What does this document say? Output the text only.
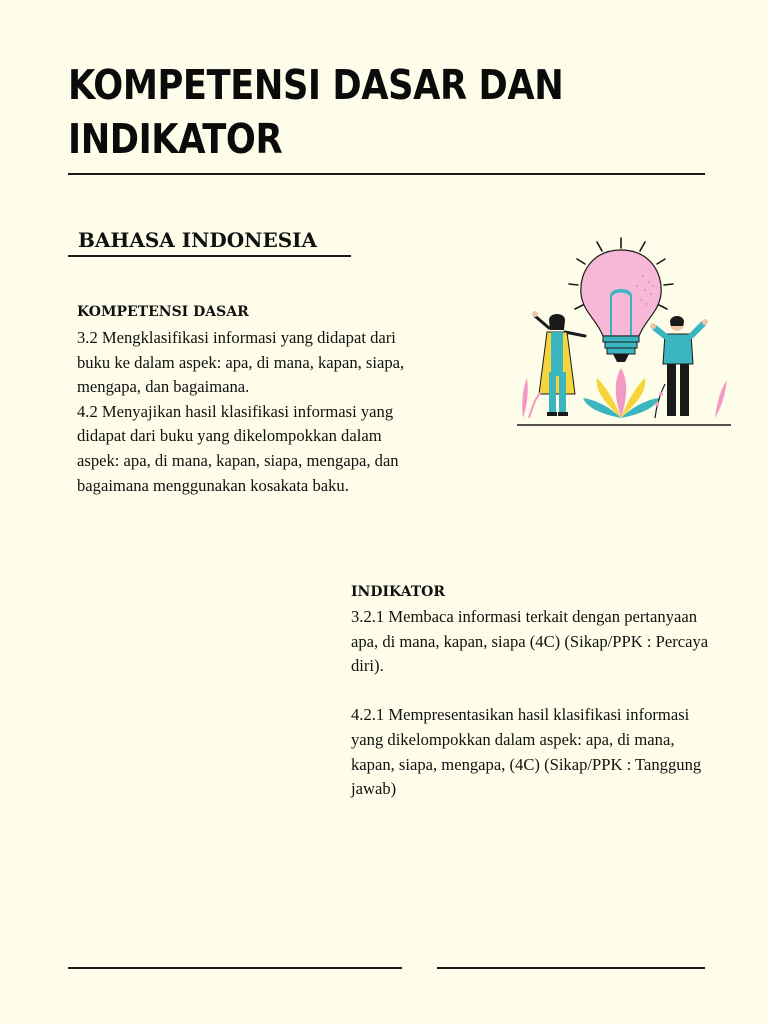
KOMPETENSI DASAR DAN INDIKATOR
BAHASA INDONESIA
KOMPETENSI DASAR
3.2 Mengklasifikasi informasi yang didapat dari buku ke dalam aspek: apa, di mana, kapan, siapa, mengapa, dan bagaimana.
4.2 Menyajikan hasil klasifikasi informasi yang didapat dari buku yang dikelompokkan dalam aspek: apa, di mana, kapan, siapa, mengapa, dan bagaimana menggunakan kosakata baku.
INDIKATOR
3.2.1 Membaca informasi terkait dengan pertanyaan apa, di mana, kapan, siapa (4C) (Sikap/PPK : Percaya diri).
4.2.1 Mempresentasikan hasil klasifikasi informasi yang dikelompokkan dalam aspek: apa, di mana, kapan, siapa, mengapa, (4C) (Sikap/PPK : Tanggung jawab)
